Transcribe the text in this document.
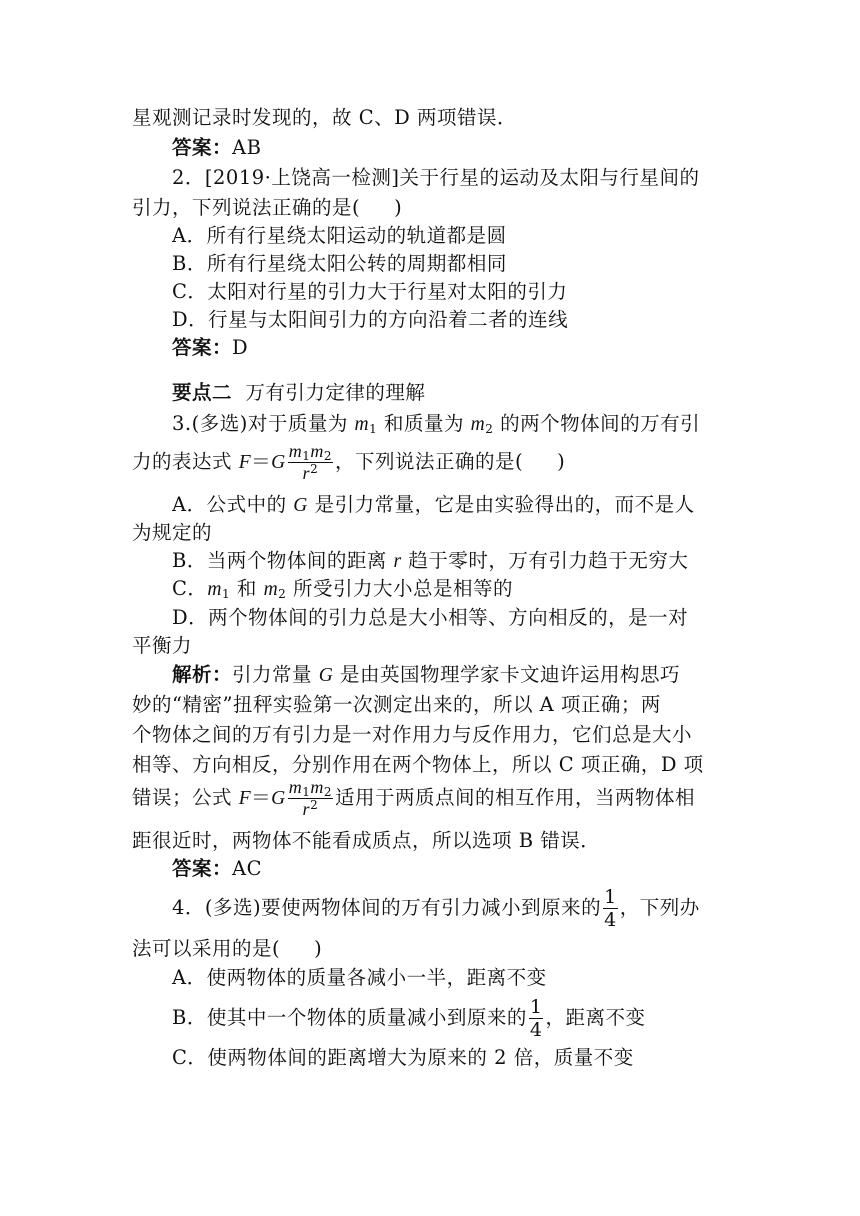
星观测记录时发现的，故 C、D 两项错误．
答案：AB
2．[2019·上饶高一检测]关于行星的运动及太阳与行星间的
引力，下列说法正确的是( )
A．所有行星绕太阳运动的轨道都是圆
B．所有行星绕太阳公转的周期都相同
C．太阳对行星的引力大于行星对太阳的引力
D．行星与太阳间引力的方向沿着二者的连线
答案：D
要点二 万有引力定律的理解
3.(多选)对于质量为 $m_1$ 和质量为 $m_2$ 的两个物体间的万有引
力的表达式 $F=G \frac{m_1m_2}{r^2}$ ，下列说法正确的是( )
A．公式中的 G 是引力常量，它是由实验得出的，而不是人
为规定的
B．当两个物体间的距离 r 趋于零时，万有引力趋于无穷大
C．$m_1$ 和 $m_2$ 所受引力大小总是相等的
D．两个物体间的引力总是大小相等、方向相反的，是一对
平衡力
解析：引力常量 G 是由英国物理学家卡文迪许运用构思巧
妙的“精密”扭秤实验第一次测定出来的，所以 A 项正确；两
个物体之间的万有引力是一对作用力与反作用力，它们总是大小
相等、方向相反，分别作用在两个物体上，所以 C 项正确，D 项
错误；公式 $F=G \frac{m_1m_2}{r^2}$ 适用于两质点间的相互作用，当两物体相
距很近时，两物体不能看成质点，所以选项 B 错误．
答案：AC
4．(多选)要使两物体间的万有引力减小到原来的 $\frac{1}{4}$ ，下列办
法可以采用的是( )
A．使两物体的质量各减小一半，距离不变
B．使其中一个物体的质量减小到原来的 $\frac{1}{4}$ ，距离不变
C．使两物体间的距离增大为原来的 2 倍，质量不变
